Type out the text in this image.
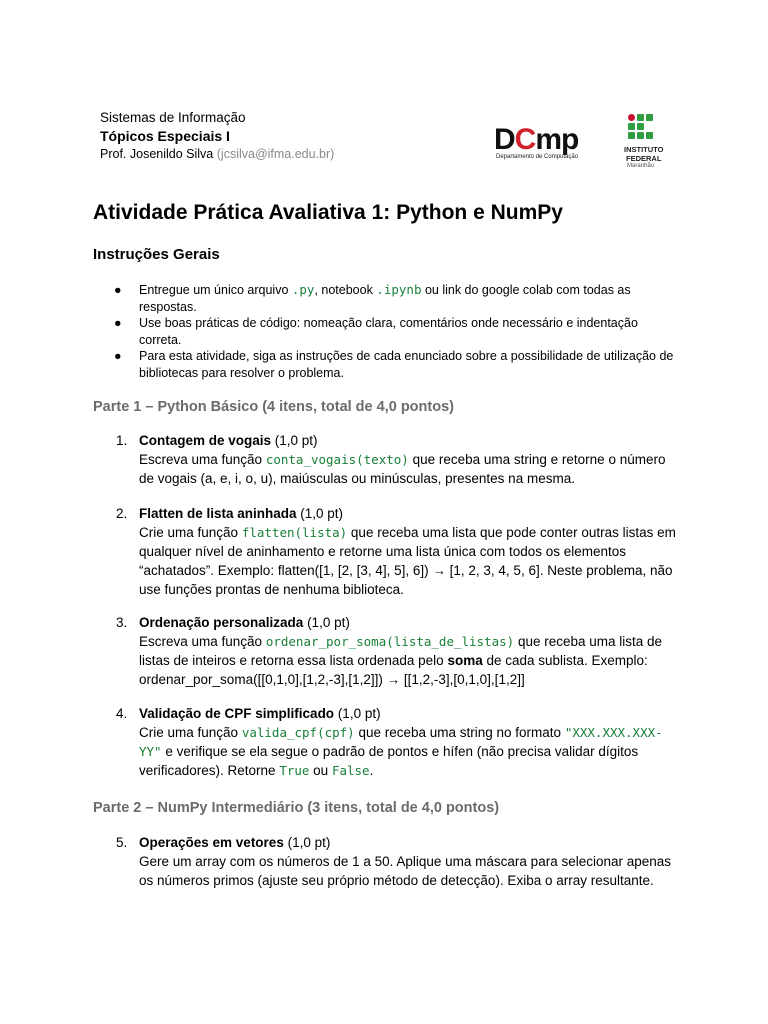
Sistemas de Informação
Tópicos Especiais I
Prof. Josenildo Silva (jcsilva@ifma.edu.br)	DCmp
Departamento de Computação
INSTITUTO
FEDERAL
Maranhão
Atividade Prática Avaliativa 1: Python e NumPy
Instruções Gerais
● Entregue um único arquivo .py, notebook .ipynb ou link do google colab com todas as respostas.
● Use boas práticas de código: nomeação clara, comentários onde necessário e indentação correta.
● Para esta atividade, siga as instruções de cada enunciado sobre a possibilidade de utilização de bibliotecas para resolver o problema.
Parte 1 – Python Básico (4 itens, total de 4,0 pontos)
1. Contagem de vogais (1,0 pt)
Escreva uma função conta_vogais(texto) que receba uma string e retorne o número de vogais (a, e, i, o, u), maiúsculas ou minúsculas, presentes na mesma.
2. Flatten de lista aninhada (1,0 pt)
Crie uma função flatten(lista) que receba uma lista que pode conter outras listas em qualquer nível de aninhamento e retorne uma lista única com todos os elementos “achatados”. Exemplo: flatten([1, [2, [3, 4], 5], 6]) → [1, 2, 3, 4, 5, 6]. Neste problema, não use funções prontas de nenhuma biblioteca.
3. Ordenação personalizada (1,0 pt)
Escreva uma função ordenar_por_soma(lista_de_listas) que receba uma lista de listas de inteiros e retorna essa lista ordenada pelo soma de cada sublista. Exemplo: ordenar_por_soma([[0,1,0],[1,2,-3],[1,2]]) → [[1,2,-3],[0,1,0],[1,2]]
4. Validação de CPF simplificado (1,0 pt)
Crie uma função valida_cpf(cpf) que receba uma string no formato "XXX.XXX.XXX-YY" e verifique se ela segue o padrão de pontos e hífen (não precisa validar dígitos verificadores). Retorne True ou False.
Parte 2 – NumPy Intermediário (3 itens, total de 4,0 pontos)
5. Operações em vetores (1,0 pt)
Gere um array com os números de 1 a 50. Aplique uma máscara para selecionar apenas os números primos (ajuste seu próprio método de detecção). Exiba o array resultante.
